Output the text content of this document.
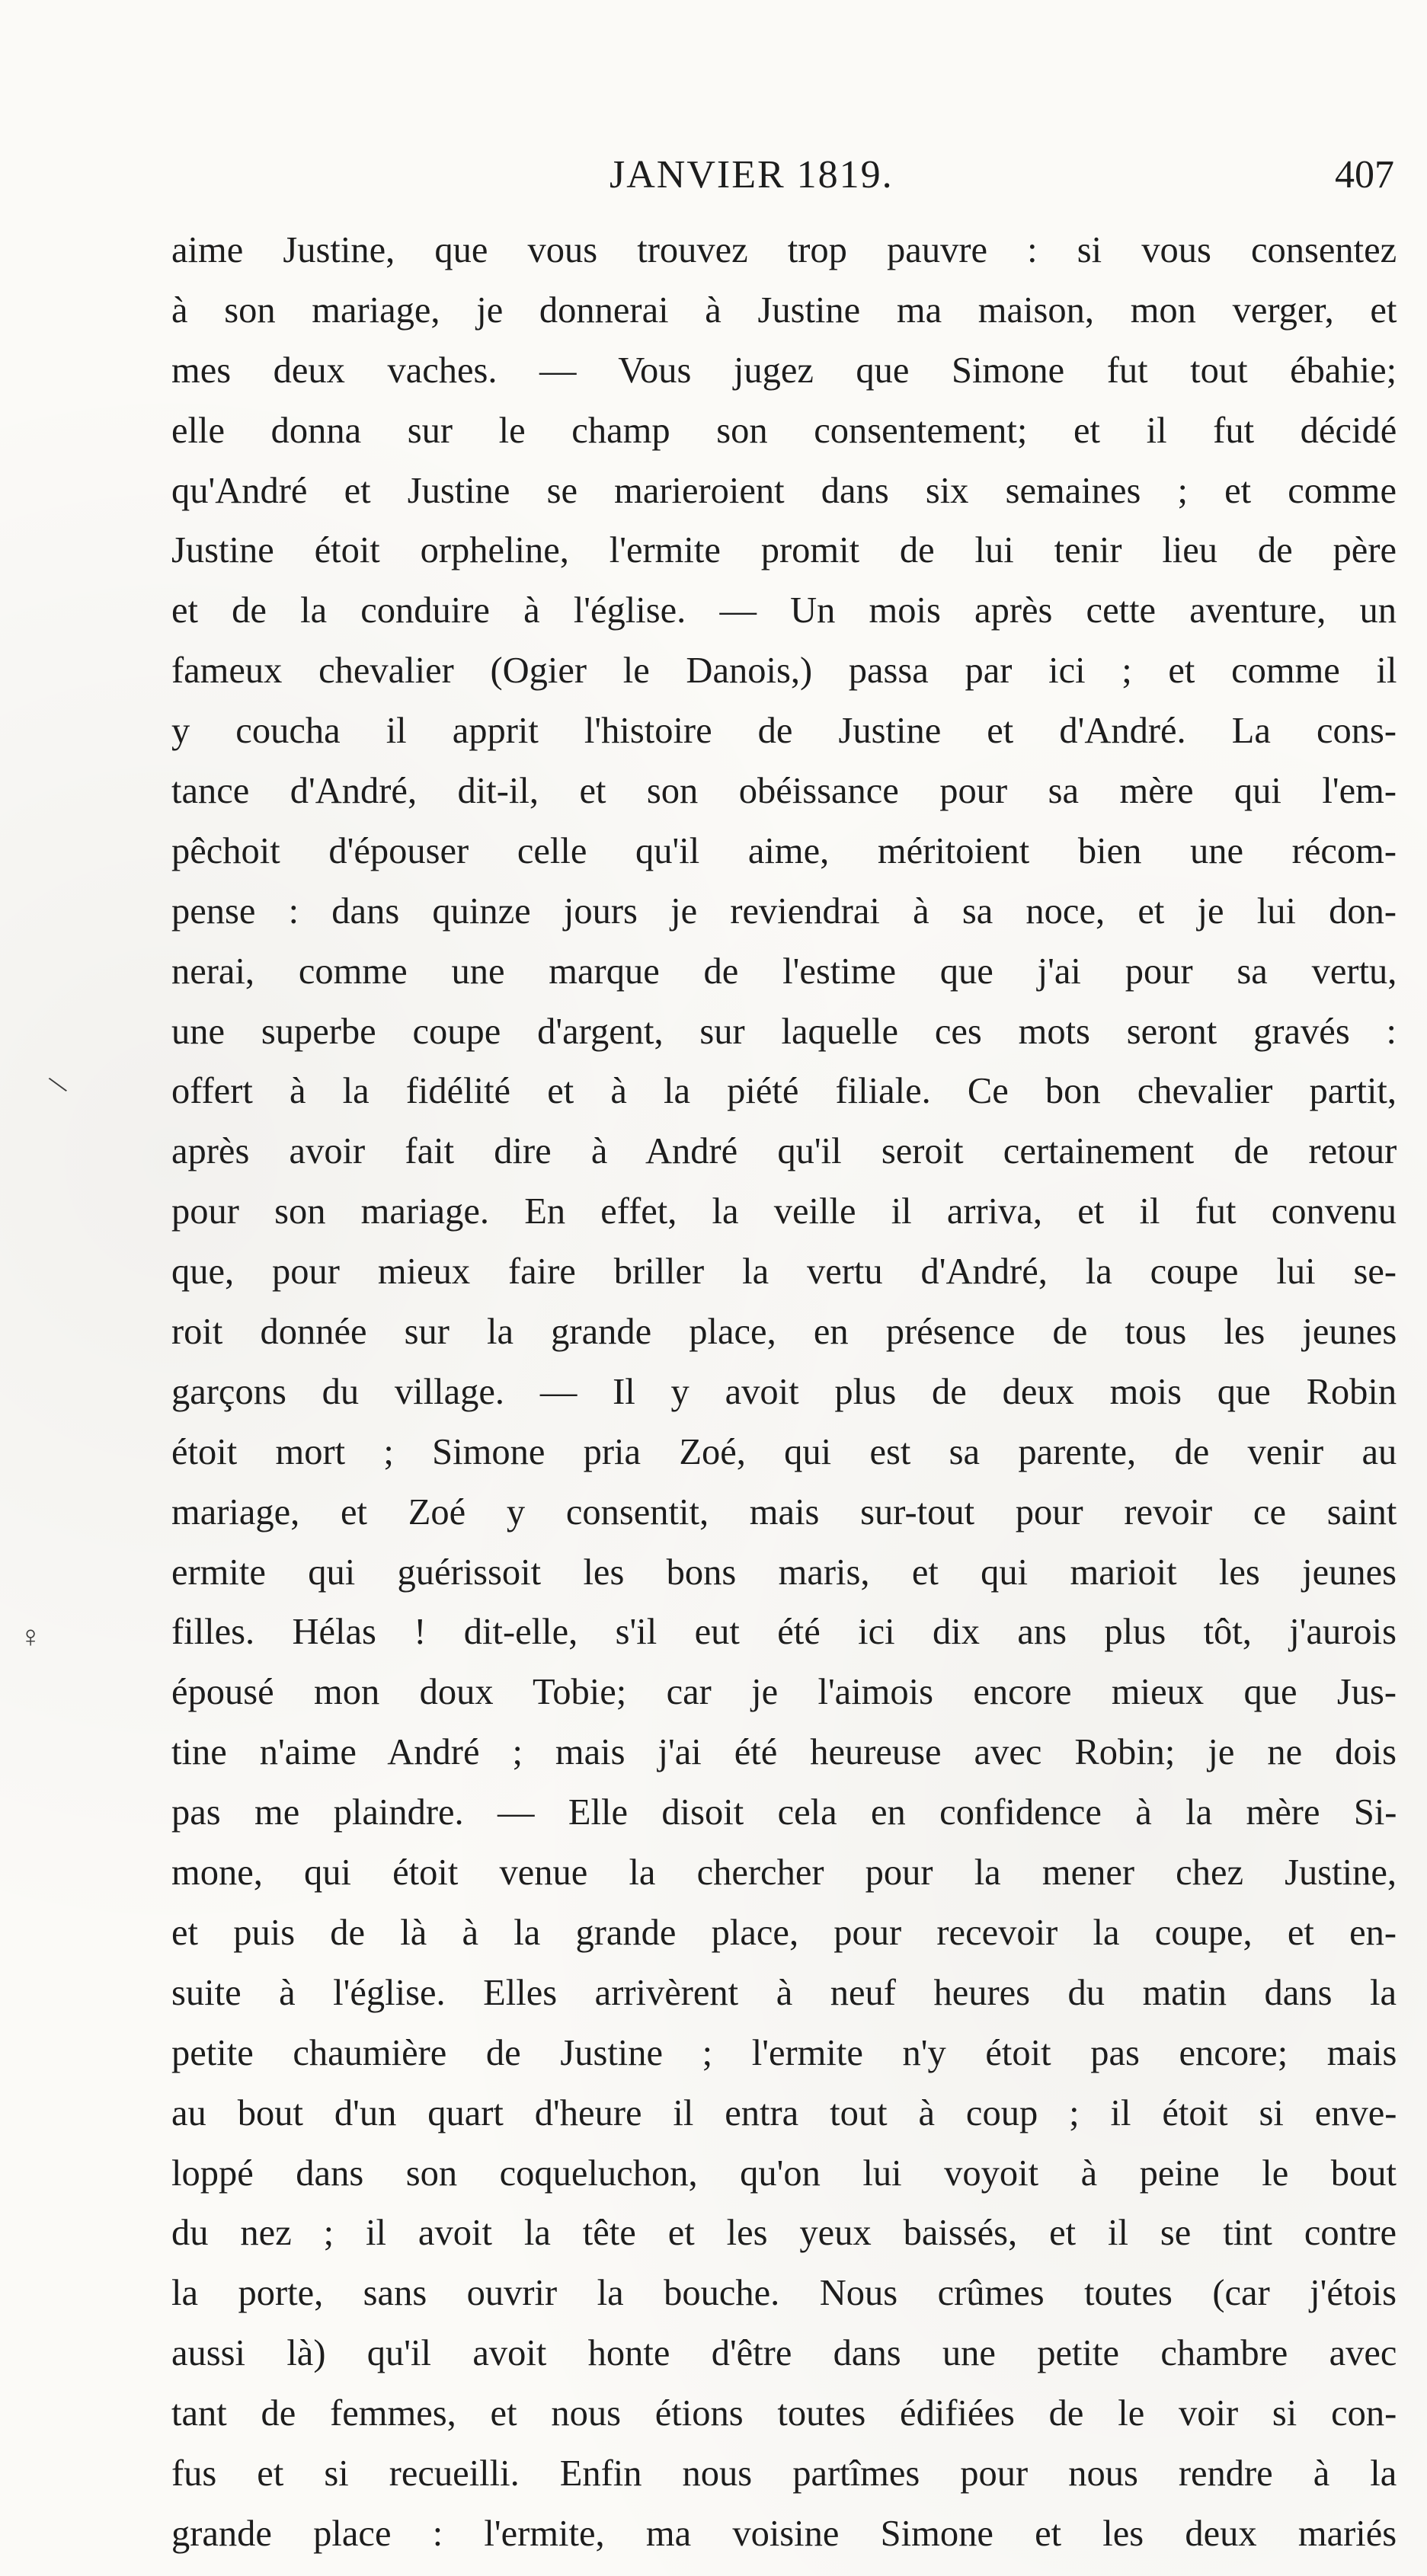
JANVIER 1819.	407
aime Justine, que vous trouvez trop pauvre : si vous consentez
à son mariage, je donnerai à Justine ma maison, mon verger, et
mes deux vaches. — Vous jugez que Simone fut tout ébahie;
elle donna sur le champ son consentement; et il fut décidé
qu'André et Justine se marieroient dans six semaines ; et comme
Justine étoit orpheline, l'ermite promit de lui tenir lieu de père
et de la conduire à l'église. — Un mois après cette aventure, un
fameux chevalier (Ogier le Danois,) passa par ici ; et comme il
y coucha il apprit l'histoire de Justine et d'André. La cons-
tance d'André, dit-il, et son obéissance pour sa mère qui l'em-
pêchoit d'épouser celle qu'il aime, méritoient bien une récom-
pense : dans quinze jours je reviendrai à sa noce, et je lui don-
nerai, comme une marque de l'estime que j'ai pour sa vertu,
une superbe coupe d'argent, sur laquelle ces mots seront gravés :
offert à la fidélité et à la piété filiale. Ce bon chevalier partit,
après avoir fait dire à André qu'il seroit certainement de retour
pour son mariage. En effet, la veille il arriva, et il fut convenu
que, pour mieux faire briller la vertu d'André, la coupe lui se-
roit donnée sur la grande place, en présence de tous les jeunes
garçons du village. — Il y avoit plus de deux mois que Robin
étoit mort ; Simone pria Zoé, qui est sa parente, de venir au
mariage, et Zoé y consentit, mais sur-tout pour revoir ce saint
ermite qui guérissoit les bons maris, et qui marioit les jeunes
filles. Hélas ! dit-elle, s'il eut été ici dix ans plus tôt, j'aurois
épousé mon doux Tobie; car je l'aimois encore mieux que Jus-
tine n'aime André ; mais j'ai été heureuse avec Robin; je ne dois
pas me plaindre. — Elle disoit cela en confidence à la mère Si-
mone, qui étoit venue la chercher pour la mener chez Justine,
et puis de là à la grande place, pour recevoir la coupe, et en-
suite à l'église. Elles arrivèrent à neuf heures du matin dans la
petite chaumière de Justine ; l'ermite n'y étoit pas encore; mais
au bout d'un quart d'heure il entra tout à coup ; il étoit si enve-
loppé dans son coqueluchon, qu'on lui voyoit à peine le bout
du nez ; il avoit la tête et les yeux baissés, et il se tint contre
la porte, sans ouvrir la bouche. Nous crûmes toutes (car j'étois
aussi là) qu'il avoit honte d'être dans une petite chambre avec
tant de femmes, et nous étions toutes édifiées de le voir si con-
fus et si recueilli. Enfin nous partîmes pour nous rendre à la
grande place : l'ermite, ma voisine Simone et les deux mariés
\
♀
